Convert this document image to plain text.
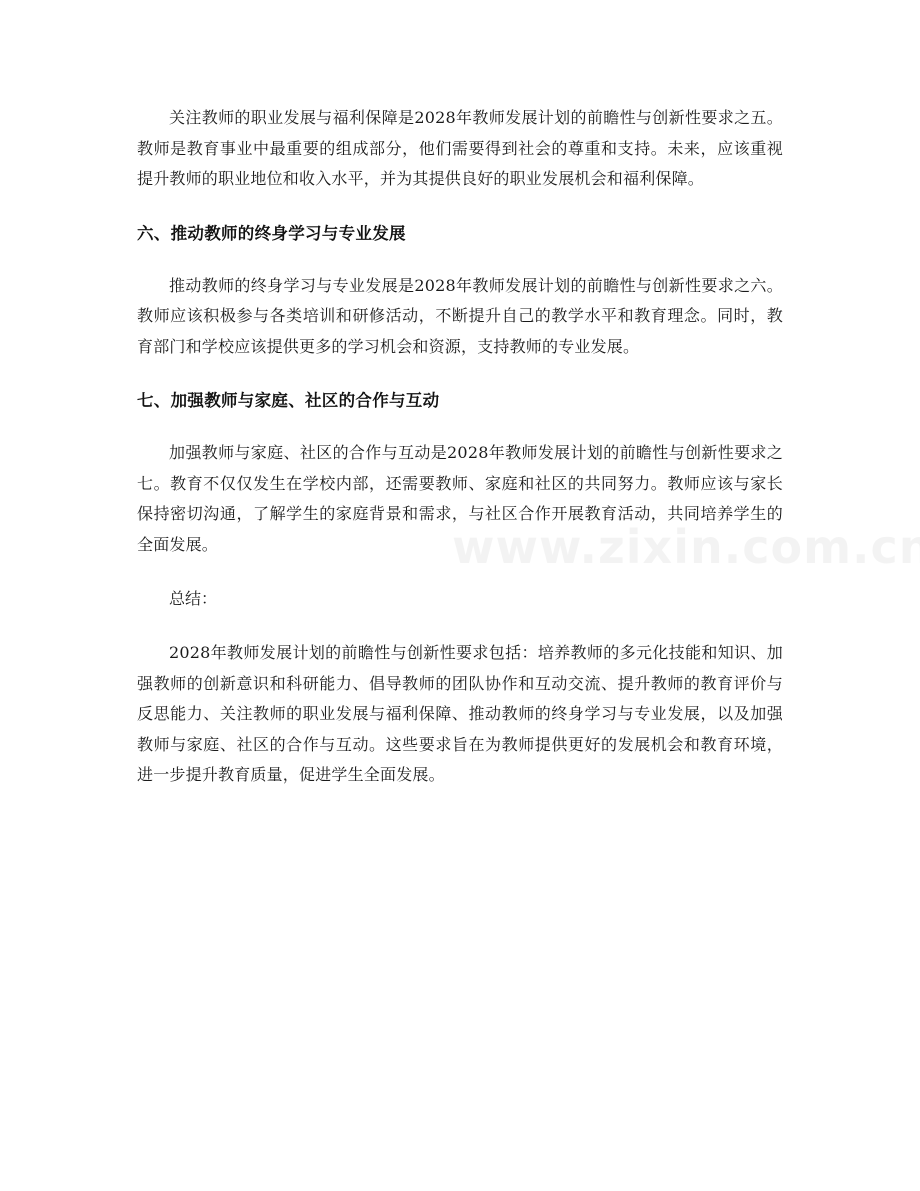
关注教师的职业发展与福利保障是2028年教师发展计划的前瞻性与创新性要求之五。教师是教育事业中最重要的组成部分，他们需要得到社会的尊重和支持。未来，应该重视提升教师的职业地位和收入水平，并为其提供良好的职业发展机会和福利保障。

六、推动教师的终身学习与专业发展

推动教师的终身学习与专业发展是2028年教师发展计划的前瞻性与创新性要求之六。教师应该积极参与各类培训和研修活动，不断提升自己的教学水平和教育理念。同时，教育部门和学校应该提供更多的学习机会和资源，支持教师的专业发展。

七、加强教师与家庭、社区的合作与互动

加强教师与家庭、社区的合作与互动是2028年教师发展计划的前瞻性与创新性要求之七。教育不仅仅发生在学校内部，还需要教师、家庭和社区的共同努力。教师应该与家长保持密切沟通，了解学生的家庭背景和需求，与社区合作开展教育活动，共同培养学生的全面发展。

总结：

2028年教师发展计划的前瞻性与创新性要求包括：培养教师的多元化技能和知识、加强教师的创新意识和科研能力、倡导教师的团队协作和互动交流、提升教师的教育评价与反思能力、关注教师的职业发展与福利保障、推动教师的终身学习与专业发展，以及加强教师与家庭、社区的合作与互动。这些要求旨在为教师提供更好的发展机会和教育环境，进一步提升教育质量，促进学生全面发展。
